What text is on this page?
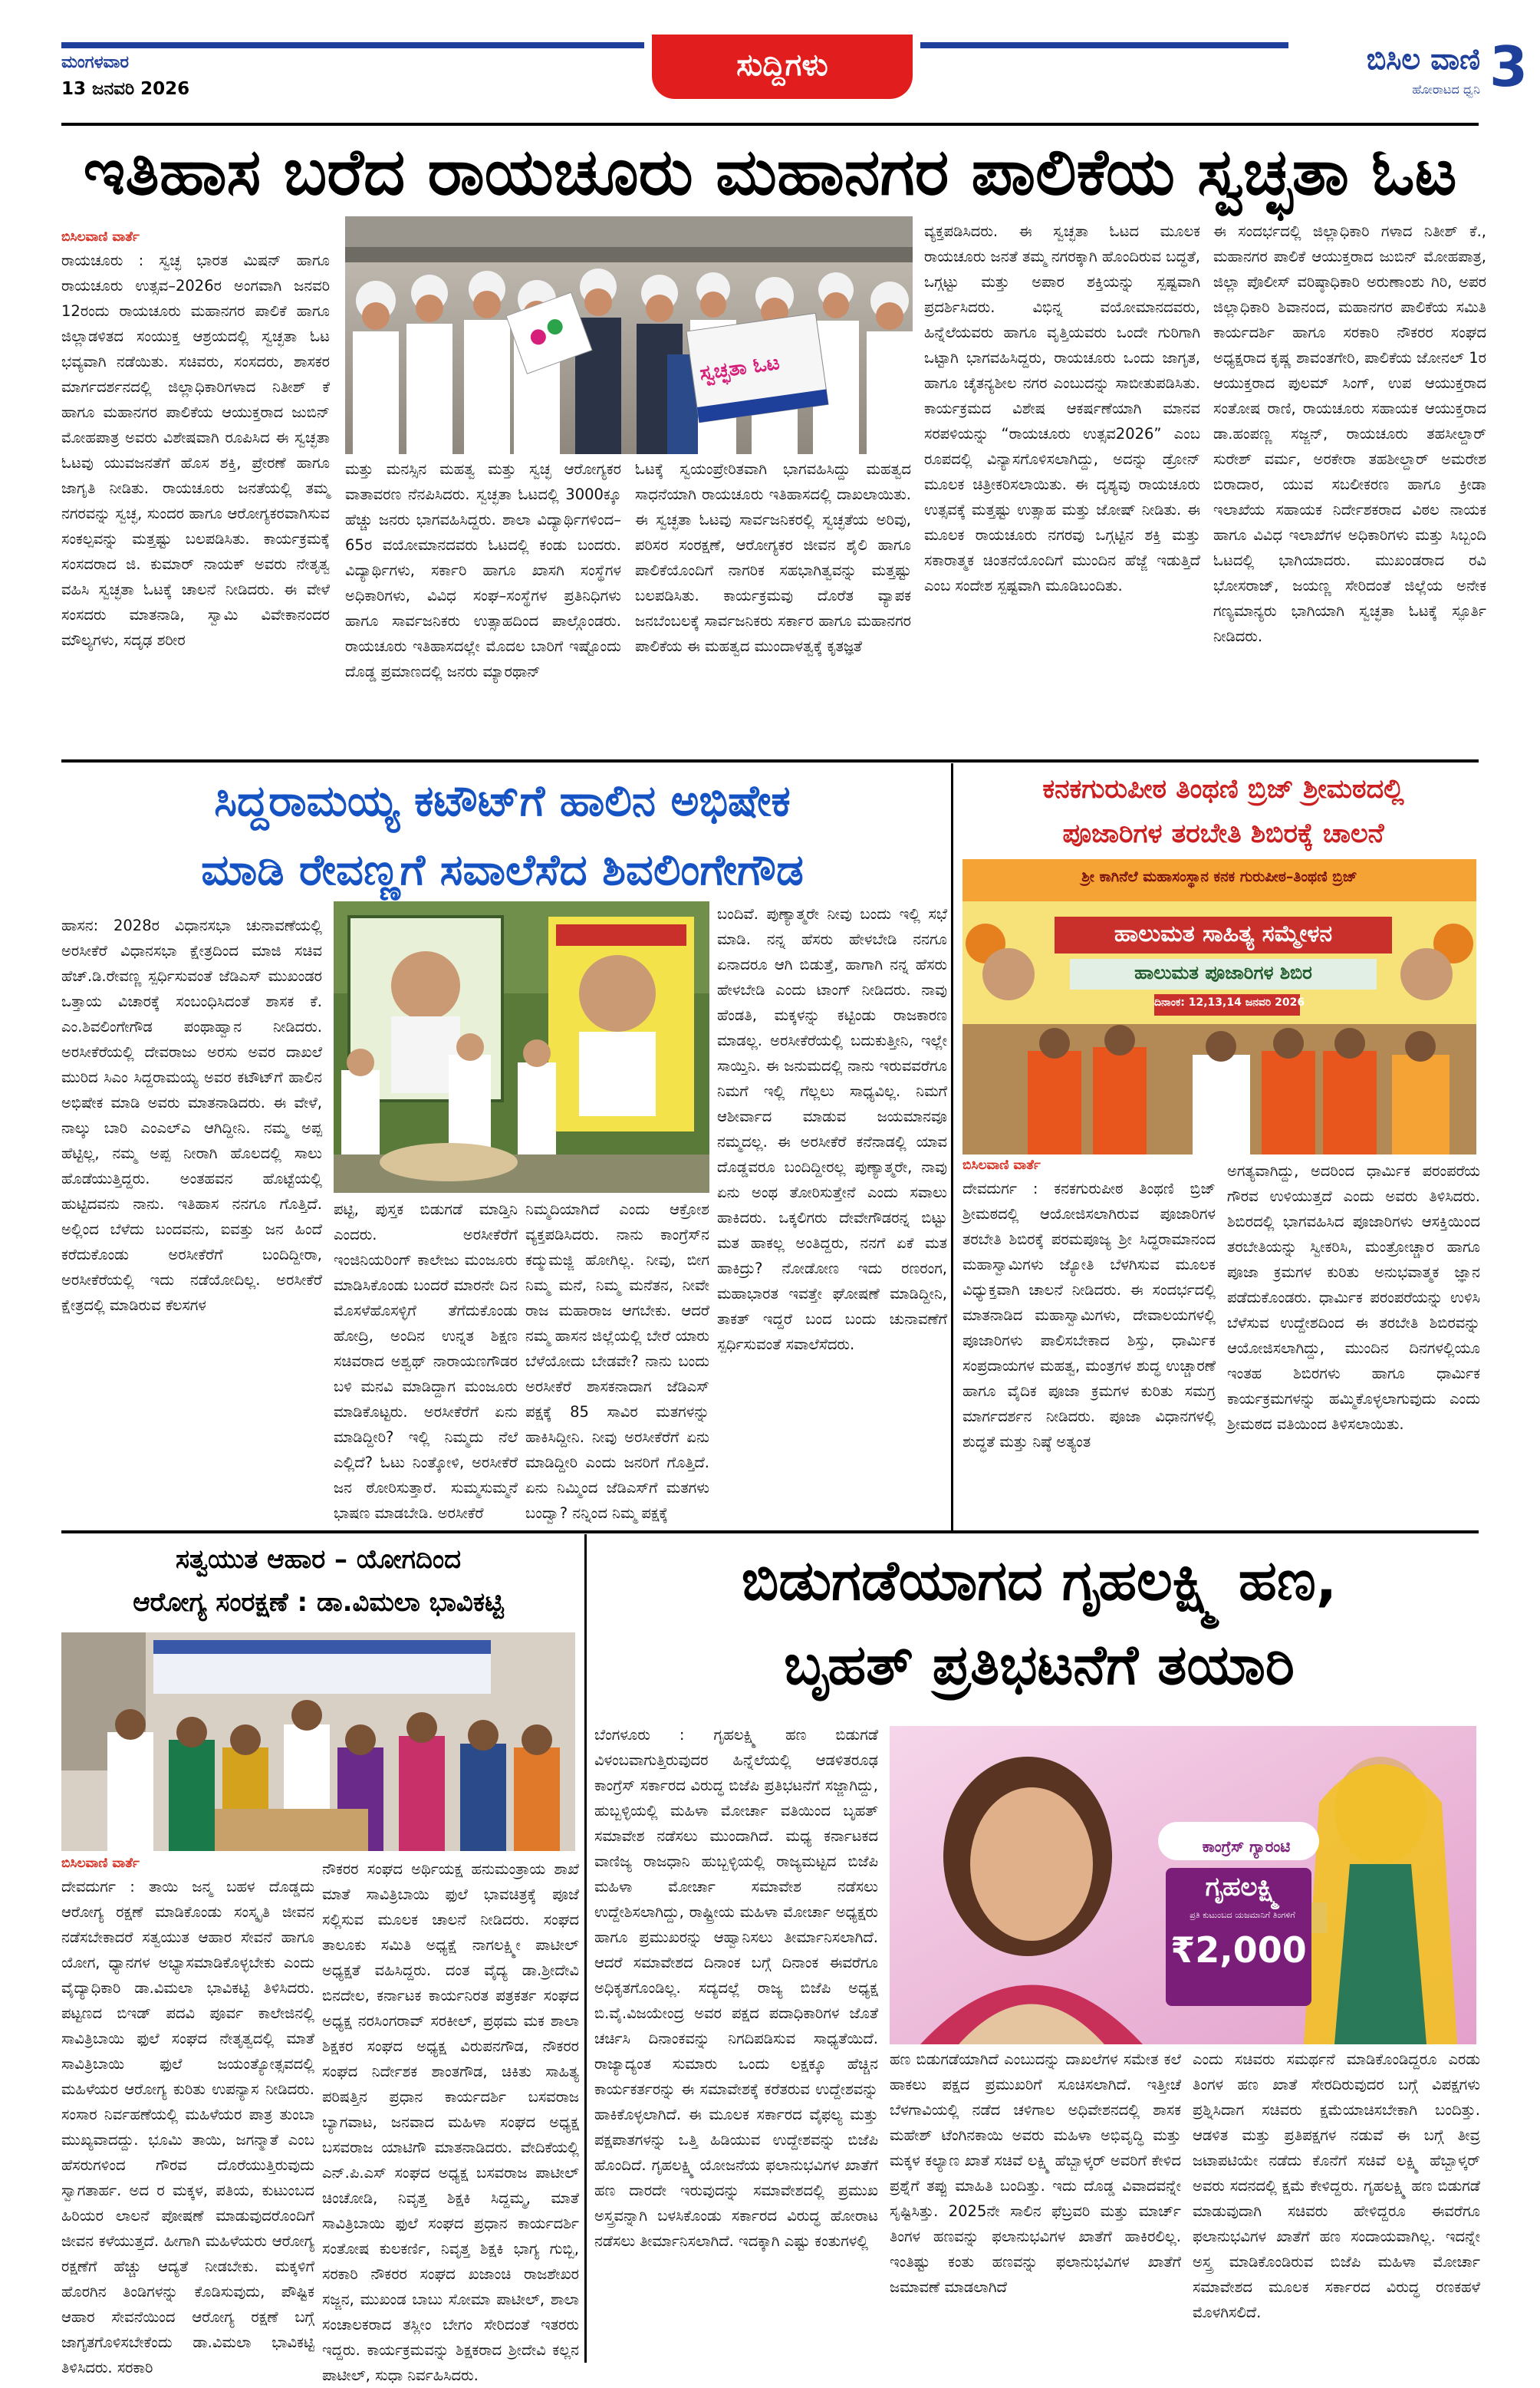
ಮಂಗಳವಾರ
13 ಜನವರಿ 2026
ಸುದ್ದಿಗಳು	ಬಿಸಿಲ ವಾಣಿ
ಹೋರಾಟದ ಧ್ವನಿ 3
ಇತಿಹಾಸ ಬರೆದ ರಾಯಚೂರು ಮಹಾನಗರ ಪಾಲಿಕೆಯ ಸ್ವಚ್ಛತಾ ಓಟ
ಬಿಸಿಲವಾಣಿ ವಾರ್ತೆ

ರಾಯಚೂರು : ಸ್ವಚ್ಛ ಭಾರತ ಮಿಷನ್ ಹಾಗೂ ರಾಯಚೂರು ಉತ್ಸವ–2026ರ ಅಂಗವಾಗಿ ಜನವರಿ 12ರಂದು ರಾಯಚೂರು ಮಹಾನಗರ ಪಾಲಿಕೆ ಹಾಗೂ ಜಿಲ್ಲಾಡಳಿತದ ಸಂಯುಕ್ತ ಆಶ್ರಯದಲ್ಲಿ ಸ್ವಚ್ಛತಾ ಓಟ ಭವ್ಯವಾಗಿ ನಡೆಯಿತು. ಸಚಿವರು, ಸಂಸದರು, ಶಾಸಕರ ಮಾರ್ಗದರ್ಶನದಲ್ಲಿ ಜಿಲ್ಲಾಧಿಕಾರಿಗಳಾದ ನಿತೀಶ್ ಕೆ ಹಾಗೂ ಮಹಾನಗರ ಪಾಲಿಕೆಯ ಆಯುಕ್ತರಾದ ಜುಬಿನ್ ಮೋಹಪಾತ್ರ ಅವರು ವಿಶೇಷವಾಗಿ ರೂಪಿಸಿದ ಈ ಸ್ವಚ್ಛತಾ ಓಟವು ಯುವಜನತೆಗೆ ಹೊಸ ಶಕ್ತಿ, ಪ್ರೇರಣೆ ಹಾಗೂ ಜಾಗೃತಿ ನೀಡಿತು. ರಾಯಚೂರು ಜನತೆಯಲ್ಲಿ ತಮ್ಮ ನಗರವನ್ನು ಸ್ವಚ್ಛ, ಸುಂದರ ಹಾಗೂ ಆರೋಗ್ಯಕರವಾಗಿಸುವ ಸಂಕಲ್ಪವನ್ನು ಮತ್ತಷ್ಟು ಬಲಪಡಿಸಿತು. ಕಾರ್ಯಕ್ರಮಕ್ಕೆ ಸಂಸದರಾದ ಜಿ. ಕುಮಾರ್ ನಾಯಕ್ ಅವರು ನೇತೃತ್ವ ವಹಿಸಿ ಸ್ವಚ್ಛತಾ ಓಟಕ್ಕೆ ಚಾಲನೆ ನೀಡಿದರು. ಈ ವೇಳೆ ಸಂಸದರು ಮಾತನಾಡಿ, ಸ್ವಾಮಿ ವಿವೇಕಾನಂದರ ಮೌಲ್ಯಗಳು, ಸದೃಢ ಶರೀರ

ಸ್ವಚ್ಛತಾ ಓಟ

ಮತ್ತು ಮನಸ್ಸಿನ ಮಹತ್ವ ಮತ್ತು ಸ್ವಚ್ಛ ಆರೋಗ್ಯಕರ ವಾತಾವರಣ ನೆನಪಿಸಿದರು. ಸ್ವಚ್ಛತಾ ಓಟದಲ್ಲಿ 3000ಕ್ಕೂ ಹೆಚ್ಚು ಜನರು ಭಾಗವಹಿಸಿದ್ದರು. ಶಾಲಾ ವಿದ್ಯಾರ್ಥಿಗಳಿಂದ– 65ರ ವಯೋಮಾನದವರು ಓಟದಲ್ಲಿ ಕಂಡು ಬಂದರು. ವಿದ್ಯಾರ್ಥಿಗಳು, ಸರ್ಕಾರಿ ಹಾಗೂ ಖಾಸಗಿ ಸಂಸ್ಥೆಗಳ ಅಧಿಕಾರಿಗಳು, ವಿವಿಧ ಸಂಘ–ಸಂಸ್ಥೆಗಳ ಪ್ರತಿನಿಧಿಗಳು ಹಾಗೂ ಸಾರ್ವಜನಿಕರು ಉತ್ಸಾಹದಿಂದ ಪಾಲ್ಗೊಂಡರು. ರಾಯಚೂರು ಇತಿಹಾಸದಲ್ಲೇ ಮೊದಲ ಬಾರಿಗೆ ಇಷ್ಟೊಂದು ದೊಡ್ಡ ಪ್ರಮಾಣದಲ್ಲಿ ಜನರು ಮ್ಯಾರಥಾನ್

ಓಟಕ್ಕೆ ಸ್ವಯಂಪ್ರೇರಿತವಾಗಿ ಭಾಗವಹಿಸಿದ್ದು ಮಹತ್ವದ ಸಾಧನೆಯಾಗಿ ರಾಯಚೂರು ಇತಿಹಾಸದಲ್ಲಿ ದಾಖಲಾಯಿತು. ಈ ಸ್ವಚ್ಛತಾ ಓಟವು ಸಾರ್ವಜನಿಕರಲ್ಲಿ ಸ್ವಚ್ಛತೆಯ ಅರಿವು, ಪರಿಸರ ಸಂರಕ್ಷಣೆ, ಆರೋಗ್ಯಕರ ಜೀವನ ಶೈಲಿ ಹಾಗೂ ಪಾಲಿಕೆಯೊಂದಿಗೆ ನಾಗರಿಕ ಸಹಭಾಗಿತ್ವವನ್ನು ಮತ್ತಷ್ಟು ಬಲಪಡಿಸಿತು. ಕಾರ್ಯಕ್ರಮವು ದೊರೆತ ವ್ಯಾಪಕ ಜನಬೆಂಬಲಕ್ಕೆ ಸಾರ್ವಜನಿಕರು ಸರ್ಕಾರ ಹಾಗೂ ಮಹಾನಗರ ಪಾಲಿಕೆಯ ಈ ಮಹತ್ವದ ಮುಂದಾಳತ್ವಕ್ಕೆ ಕೃತಜ್ಞತೆ

ವ್ಯಕ್ತಪಡಿಸಿದರು. ಈ ಸ್ವಚ್ಛತಾ ಓಟದ ಮೂಲಕ ರಾಯಚೂರು ಜನತೆ ತಮ್ಮ ನಗರಕ್ಕಾಗಿ ಹೊಂದಿರುವ ಬದ್ಧತೆ, ಒಗ್ಗಟ್ಟು ಮತ್ತು ಅಪಾರ ಶಕ್ತಿಯನ್ನು ಸ್ಪಷ್ಟವಾಗಿ ಪ್ರದರ್ಶಿಸಿದರು. ವಿಭಿನ್ನ ವಯೋಮಾನದವರು, ಹಿನ್ನೆಲೆಯವರು ಹಾಗೂ ವೃತ್ತಿಯವರು ಒಂದೇ ಗುರಿಗಾಗಿ ಒಟ್ಟಾಗಿ ಭಾಗವಹಿಸಿದ್ದರು, ರಾಯಚೂರು ಒಂದು ಜಾಗೃತ, ಹಾಗೂ ಚೈತನ್ಯಶೀಲ ನಗರ ಎಂಬುದನ್ನು ಸಾಬೀತುಪಡಿಸಿತು. ಕಾರ್ಯಕ್ರಮದ ವಿಶೇಷ ಆಕರ್ಷಣೆಯಾಗಿ ಮಾನವ ಸರಪಳಿಯನ್ನು “ರಾಯಚೂರು ಉತ್ಸವ2026” ಎಂಬ ರೂಪದಲ್ಲಿ ವಿನ್ಯಾಸಗೊಳಿಸಲಾಗಿದ್ದು, ಅದನ್ನು ಡ್ರೋನ್ ಮೂಲಕ ಚಿತ್ರೀಕರಿಸಲಾಯಿತು. ಈ ದೃಶ್ಯವು ರಾಯಚೂರು ಉತ್ಸವಕ್ಕೆ ಮತ್ತಷ್ಟು ಉತ್ಸಾಹ ಮತ್ತು ಜೋಷ್ ನೀಡಿತು. ಈ ಮೂಲಕ ರಾಯಚೂರು ನಗರವು ಒಗ್ಗಟ್ಟಿನ ಶಕ್ತಿ ಮತ್ತು ಸಕಾರಾತ್ಮಕ ಚಿಂತನೆಯೊಂದಿಗೆ ಮುಂದಿನ ಹೆಜ್ಜೆ ಇಡುತ್ತಿದೆ ಎಂಬ ಸಂದೇಶ ಸ್ಪಷ್ಟವಾಗಿ ಮೂಡಿಬಂದಿತು.

ಈ ಸಂದರ್ಭದಲ್ಲಿ ಜಿಲ್ಲಾಧಿಕಾರಿ ಗಳಾದ ನಿತೀಶ್ ಕೆ., ಮಹಾನಗರ ಪಾಲಿಕೆ ಆಯುಕ್ತರಾದ ಜುಬಿನ್ ಮೋಹಪಾತ್ರ, ಜಿಲ್ಲಾ ಪೊಲೀಸ್ ವರಿಷ್ಠಾಧಿಕಾರಿ ಅರುಣಾಂಶು ಗಿರಿ, ಅಪರ ಜಿಲ್ಲಾಧಿಕಾರಿ ಶಿವಾನಂದ, ಮಹಾನಗರ ಪಾಲಿಕೆಯ ಸಮಿತಿ ಕಾರ್ಯದರ್ಶಿ ಹಾಗೂ ಸರಕಾರಿ ನೌಕರರ ಸಂಘದ ಅಧ್ಯಕ್ಷರಾದ ಕೃಷ್ಣ ಶಾವಂತಗೇರಿ, ಪಾಲಿಕೆಯ ಜೋನಲ್ 1ರ ಆಯುಕ್ತರಾದ ಪುಲಮ್ ಸಿಂಗ್, ಉಪ ಆಯುಕ್ತರಾದ ಸಂತೋಷ ರಾಣಿ, ರಾಯಚೂರು ಸಹಾಯಕ ಆಯುಕ್ತರಾದ ಡಾ.ಹಂಪಣ್ಣ ಸಜ್ಜನ್, ರಾಯಚೂರು ತಹಸೀಲ್ದಾರ್ ಸುರೇಶ್ ವರ್ಮ, ಅರಕೇರಾ ತಹಶೀಲ್ದಾರ್ ಅಮರೇಶ ಬಿರಾದಾರ, ಯುವ ಸಬಲೀಕರಣ ಹಾಗೂ ಕ್ರೀಡಾ ಇಲಾಖೆಯ ಸಹಾಯಕ ನಿರ್ದೇಶಕರಾದ ವಿಠಲ ನಾಯಕ ಹಾಗೂ ವಿವಿಧ ಇಲಾಖೆಗಳ ಅಧಿಕಾರಿಗಳು ಮತ್ತು ಸಿಬ್ಬಂದಿ ಓಟದಲ್ಲಿ ಭಾಗಿಯಾದರು. ಮುಖಂಡರಾದ ರವಿ ಭೋಸರಾಜ್, ಜಯಣ್ಣ ಸೇರಿದಂತೆ ಜಿಲ್ಲೆಯ ಅನೇಕ ಗಣ್ಯಮಾನ್ಯರು ಭಾಗಿಯಾಗಿ ಸ್ವಚ್ಛತಾ ಓಟಕ್ಕೆ ಸ್ಫೂರ್ತಿ ನೀಡಿದರು.

ಸಿದ್ದರಾಮಯ್ಯ ಕಟೌಟ್‌ಗೆ ಹಾಲಿನ ಅಭಿಷೇಕ
ಮಾಡಿ ರೇವಣ್ಣಗೆ ಸವಾಲೆಸೆದ ಶಿವಲಿಂಗೇಗೌಡ

ಹಾಸನ: 2028ರ ವಿಧಾನಸಭಾ ಚುನಾವಣೆಯಲ್ಲಿ ಅರಸೀಕೆರೆ ವಿಧಾನಸಭಾ ಕ್ಷೇತ್ರದಿಂದ ಮಾಜಿ ಸಚಿವ ಹೆಚ್.ಡಿ.ರೇವಣ್ಣ ಸ್ಪರ್ಧಿಸುವಂತೆ ಜೆಡಿಎಸ್ ಮುಖಂಡರ ಒತ್ತಾಯ ವಿಚಾರಕ್ಕೆ ಸಂಬಂಧಿಸಿದಂತೆ ಶಾಸಕ ಕೆ. ಎಂ.ಶಿವಲಿಂಗೇಗೌಡ ಪಂಥಾಹ್ವಾನ ನೀಡಿದರು. ಅರಸೀಕೆರೆಯಲ್ಲಿ ದೇವರಾಜು ಅರಸು ಅವರ ದಾಖಲೆ ಮುರಿದ ಸಿಎಂ ಸಿದ್ದರಾಮಯ್ಯ ಅವರ ಕಟೌಟ್‌ಗೆ ಹಾಲಿನ ಅಭಿಷೇಕ ಮಾಡಿ ಅವರು ಮಾತನಾಡಿದರು. ಈ ವೇಳೆ, ನಾಲ್ಕು ಬಾರಿ ಎಂಎಲ್‌ಎ ಆಗಿದ್ದೀನಿ. ನಮ್ಮ ಅಪ್ಪ ಹೆಟ್ಟಿಲ್ಲ, ನಮ್ಮ ಅಪ್ಪ ನೀರಾಗಿ ಹೊಲದಲ್ಲಿ ಸಾಲು ಹೊಡೆಯುತ್ತಿದ್ದರು. ಅಂತಹವನ ಹೊಟ್ಟೆಯಲ್ಲಿ ಹುಟ್ಟಿದವನು ನಾನು. ಇತಿಹಾಸ ನನಗೂ ಗೊತ್ತಿದೆ. ಅಲ್ಲಿಂದ ಬೆಳೆದು ಬಂದವನು, ಐವತ್ತು ಜನ ಹಿಂದೆ ಕರೆದುಕೊಂಡು ಅರಸೀಕೆರೆಗೆ ಬಂದಿದ್ದೀರಾ, ಅರಸೀಕೆರೆಯಲ್ಲಿ ಇದು ನಡೆಯೋದಿಲ್ಲ. ಅರಸೀಕೆರೆ ಕ್ಷೇತ್ರದಲ್ಲಿ ಮಾಡಿರುವ ಕೆಲಸಗಳ

ಪಟ್ಟಿ, ಪುಸ್ತಕ ಬಿಡುಗಡೆ ಮಾಡ್ತಿನಿ ಎಂದರು. ಅರಸೀಕೆರೆಗೆ ಇಂಜಿನಿಯರಿಂಗ್ ಕಾಲೇಜು ಮಂಜೂರು ಮಾಡಿಸಿಕೊಂಡು ಬಂದರೆ ಮಾರನೇ ದಿನ ಮೊಸಳೆಹೊಸಳ್ಳಿಗೆ ತೆಗೆದುಕೊಂಡು ಹೋದ್ರಿ, ಅಂದಿನ ಉನ್ನತ ಶಿಕ್ಷಣ ಸಚಿವರಾದ ಅಶ್ವಥ್ ನಾರಾಯಣಗೌಡರ ಬಳಿ ಮನವಿ ಮಾಡಿದ್ದಾಗ ಮಂಜೂರು ಮಾಡಿಕೊಟ್ಟರು. ಅರಸೀಕೆರೆಗೆ ಏನು ಮಾಡಿದ್ದೀರಿ? ಇಲ್ಲಿ ನಿಮ್ಮದು ನೆಲೆ ಎಲ್ಲಿದೆ? ಓಟು ನಿಂತ್ಕೋಳಿ, ಅರಸೀಕೆರೆ ಜನ ಠೋರಿಸುತ್ತಾರೆ. ಸುಮ್ಮಸುಮ್ಮನೆ ಭಾಷಣ ಮಾಡಬೇಡಿ. ಅರಸೀಕೆರೆ

ನಿಮ್ಮದಿಯಾಗಿದೆ ಎಂದು ಆಕ್ರೋಶ ವ್ಯಕ್ತಪಡಿಸಿದರು. ನಾನು ಕಾಂಗ್ರೆಸ್‌ನ ಕದ್ಮುಮಜ್ಜಿ ಹೋಗಿಲ್ಲ. ನೀವು, ಬೀಗ ನಿಮ್ಮ ಮನೆ, ನಿಮ್ಮ ಮನೆತನ, ನೀವೇ ರಾಜ ಮಹಾರಾಜ ಆಗಬೇಕು. ಆದರೆ ನಮ್ಮ ಹಾಸನ ಜಿಲ್ಲೆಯಲ್ಲಿ ಬೇರೆ ಯಾರು ಬೆಳೆಯೋದು ಬೇಡವೇ? ನಾನು ಬಂದು ಅರಸೀಕೆರೆ ಶಾಸಕನಾದಾಗ ಜೆಡಿಎಸ್ ಪಕ್ಷಕ್ಕೆ 85 ಸಾವಿರ ಮತಗಳನ್ನು ಹಾಕಿಸಿದ್ದೀನಿ. ನೀವು ಅರಸೀಕೆರೆಗೆ ಏನು ಮಾಡಿದ್ದೀರಿ ಎಂದು ಜನರಿಗೆ ಗೊತ್ತಿದೆ. ಏನು ನಿಮ್ಮಿಂದ ಜೆಡಿಎಸ್‌ಗೆ ಮತಗಳು ಬಂದ್ವಾ? ನನ್ನಿಂದ ನಿಮ್ಮ ಪಕ್ಷಕ್ಕೆ

ಬಂದಿವೆ. ಪುಣ್ಯಾತ್ಮರೇ ನೀವು ಬಂದು ಇಲ್ಲಿ ಸಭೆ ಮಾಡಿ. ನನ್ನ ಹೆಸರು ಹೇಳಬೇಡಿ ನನಗೂ ಏನಾದರೂ ಆಗಿ ಬಿಡುತ್ತೆ, ಹಾಗಾಗಿ ನನ್ನ ಹೆಸರು ಹೇಳಬೇಡಿ ಎಂದು ಟಾಂಗ್ ನೀಡಿದರು. ನಾವು ಹೆಂಡತಿ, ಮಕ್ಕಳನ್ನು ಕಟ್ಟಿಂಡು ರಾಜಕಾರಣ ಮಾಡಲ್ಲ. ಅರಸೀಕೆರೆಯಲ್ಲಿ ಬದುಕುತ್ತೀನಿ, ಇಲ್ಲೇ ಸಾಯ್ತಿನಿ. ಈ ಜನುಮದಲ್ಲಿ ನಾನು ಇರುವವರೆಗೂ ನಿಮಗೆ ಇಲ್ಲಿ ಗೆಲ್ಲಲು ಸಾಧ್ಯವಿಲ್ಲ. ನಿಮಗೆ ಆಶೀರ್ವಾದ ಮಾಡುವ ಜಯಮಾನವೂ ನಮ್ಮದಲ್ಲ. ಈ ಅರಸೀಕೆರೆ ಕನೆನಾಡಲ್ಲಿ ಯಾವ ದೊಡ್ಡವರೂ ಬಂದಿದ್ದೀರಲ್ಲ ಪುಣ್ಯಾತ್ಮರೇ, ನಾವು ಏನು ಅಂಥ ತೋರಿಸುತ್ತೇನೆ ಎಂದು ಸವಾಲು ಹಾಕಿದರು. ಒಕ್ಕಲಿಗರು ದೇವೇಗೌಡರನ್ನ ಬಿಟ್ಟು ಮತ ಹಾಕಲ್ಲ ಅಂತಿದ್ದರು, ನನಗೆ ಏಕೆ ಮತ ಹಾಕಿದ್ರು? ನೋಡೋಣ ಇದು ರಣರಂಗ, ಮಹಾಭಾರತ ಇವತ್ತೇ ಘೋಷಣೆ ಮಾಡಿದ್ದೀನಿ, ತಾಕತ್ ಇದ್ದರೆ ಬಂದ ಬಂದು ಚುನಾವಣೆಗೆ ಸ್ಪರ್ಧಿಸುವಂತೆ ಸವಾಲೆಸೆದರು.

ಕನಕಗುರುಪೀಠ ತಿಂಥಣಿ ಬ್ರಿಜ್ ಶ್ರೀಮಠದಲ್ಲಿ
ಪೂಜಾರಿಗಳ ತರಬೇತಿ ಶಿಬಿರಕ್ಕೆ ಚಾಲನೆ
ಶ್ರೀ ಕಾಗಿನೆಲೆ ಮಹಾಸಂಸ್ಥಾನ ಕನಕ ಗುರುಪೀಠ–ತಿಂಥಣಿ ಬ್ರಿಜ್
ಹಾಲುಮತ ಸಾಹಿತ್ಯ ಸಮ್ಮೇಳನ
ಹಾಲುಮತ ಪೂಜಾರಿಗಳ ಶಿಬಿರ
ದಿನಾಂಕ: 12,13,14 ಜನವರಿ 2026
ಬಿಸಿಲವಾಣಿ ವಾರ್ತೆ

ದೇವದುರ್ಗ : ಕನಕಗುರುಪೀಠ ತಿಂಥಣಿ ಬ್ರಿಜ್ ಶ್ರೀಮಠದಲ್ಲಿ ಆಯೋಜಿಸಲಾಗಿರುವ ಪೂಜಾರಿಗಳ ತರಬೇತಿ ಶಿಬಿರಕ್ಕೆ ಪರಮಪೂಜ್ಯ ಶ್ರೀ ಸಿದ್ಧರಾಮಾನಂದ ಮಹಾಸ್ವಾಮಿಗಳು ಜ್ಯೋತಿ ಬೆಳಗಿಸುವ ಮೂಲಕ ವಿಧ್ಯುಕ್ತವಾಗಿ ಚಾಲನೆ ನೀಡಿದರು. ಈ ಸಂದರ್ಭದಲ್ಲಿ ಮಾತನಾಡಿದ ಮಹಾಸ್ವಾಮಿಗಳು, ದೇವಾಲಯಗಳಲ್ಲಿ ಪೂಜಾರಿಗಳು ಪಾಲಿಸಬೇಕಾದ ಶಿಸ್ತು, ಧಾರ್ಮಿಕ ಸಂಪ್ರದಾಯಗಳ ಮಹತ್ವ, ಮಂತ್ರಗಳ ಶುದ್ಧ ಉಚ್ಚಾರಣೆ ಹಾಗೂ ವೈದಿಕ ಪೂಜಾ ಕ್ರಮಗಳ ಕುರಿತು ಸಮಗ್ರ ಮಾರ್ಗದರ್ಶನ ನೀಡಿದರು. ಪೂಜಾ ವಿಧಾನಗಳಲ್ಲಿ ಶುದ್ಧತೆ ಮತ್ತು ನಿಷ್ಠೆ ಅತ್ಯಂತ

ಅಗತ್ಯವಾಗಿದ್ದು, ಅದರಿಂದ ಧಾರ್ಮಿಕ ಪರಂಪರೆಯ ಗೌರವ ಉಳಿಯುತ್ತದೆ ಎಂದು ಅವರು ತಿಳಿಸಿದರು. ಶಿಬಿರದಲ್ಲಿ ಭಾಗವಹಿಸಿದ ಪೂಜಾರಿಗಳು ಆಸಕ್ತಿಯಿಂದ ತರಬೇತಿಯನ್ನು ಸ್ವೀಕರಿಸಿ, ಮಂತ್ರೋಚ್ಚಾರ ಹಾಗೂ ಪೂಜಾ ಕ್ರಮಗಳ ಕುರಿತು ಅನುಭವಾತ್ಮಕ ಜ್ಞಾನ ಪಡೆದುಕೊಂಡರು. ಧಾರ್ಮಿಕ ಪರಂಪರೆಯನ್ನು ಉಳಿಸಿ ಬೆಳೆಸುವ ಉದ್ದೇಶದಿಂದ ಈ ತರಬೇತಿ ಶಿಬಿರವನ್ನು ಆಯೋಜಿಸಲಾಗಿದ್ದು, ಮುಂದಿನ ದಿನಗಳಲ್ಲಿಯೂ ಇಂತಹ ಶಿಬಿರಗಳು ಹಾಗೂ ಧಾರ್ಮಿಕ ಕಾರ್ಯಕ್ರಮಗಳನ್ನು ಹಮ್ಮಿಕೊಳ್ಳಲಾಗುವುದು ಎಂದು ಶ್ರೀಮಠದ ವತಿಯಿಂದ ತಿಳಿಸಲಾಯಿತು.

ಸತ್ವಯುತ ಆಹಾರ – ಯೋಗದಿಂದ
ಆರೋಗ್ಯ ಸಂರಕ್ಷಣೆ : ಡಾ.ವಿಮಲಾ ಭಾವಿಕಟ್ಟಿ
ಬಿಸಿಲವಾಣಿ ವಾರ್ತೆ

ದೇವದುರ್ಗ : ತಾಯಿ ಜನ್ಮ ಬಹಳ ದೊಡ್ಡದು ಆರೋಗ್ಯ ರಕ್ಷಣೆ ಮಾಡಿಕೊಂಡು ಸಂಸ್ಕೃತಿ ಜೀವನ ನಡೆಸಬೇಕಾದರೆ ಸತ್ವಯುತ ಆಹಾರ ಸೇವನೆ ಹಾಗೂ ಯೋಗ, ಧ್ಯಾನಗಳ ಅಭ್ಯಾಸಮಾಡಿಕೊಳ್ಳಬೇಕು ಎಂದು ವೈದ್ಯಾಧಿಕಾರಿ ಡಾ.ವಿಮಲಾ ಭಾವಿಕಟ್ಟಿ ತಿಳಿಸಿದರು. ಪಟ್ಟಣದ ಬಿಇಡ್ ಪದವಿ ಪೂರ್ವ ಕಾಲೇಜಿನಲ್ಲಿ ಸಾವಿತ್ರಿಬಾಯಿ ಫುಲೆ ಸಂಘದ ನೇತೃತ್ವದಲ್ಲಿ ಮಾತೆ ಸಾವಿತ್ರಿಬಾಯಿ ಫುಲೆ ಜಯಂತ್ಯೋತ್ಸವದಲ್ಲಿ ಮಹಿಳೆಯರ ಆರೋಗ್ಯ ಕುರಿತು ಉಪನ್ಯಾಸ ನೀಡಿದರು. ಸಂಸಾರ ನಿರ್ವಹಣೆಯಲ್ಲಿ ಮಹಿಳೆಯರ ಪಾತ್ರ ತುಂಬಾ ಮುಖ್ಯವಾದದ್ದು. ಭೂಮಿ ತಾಯಿ, ಜಗನ್ಮಾತೆ ಎಂಬ ಹೆಸರುಗಳಿಂದ ಗೌರವ ದೊರೆಯುತ್ತಿರುವುದು ಸ್ವಾಗತಾರ್ಹ. ಅದ ರ ಮಕ್ಕಳ, ಪತಿಯ, ಕುಟುಂಬದ ಹಿರಿಯರ ಲಾಲನೆ ಪೋಷಣೆ ಮಾಡುವುದರೊಂದಿಗೆ ಜೀವನ ಕಳೆಯುತ್ತದೆ. ಹೀಗಾಗಿ ಮಹಿಳೆಯರು ಆರೋಗ್ಯ ರಕ್ಷಣೆಗೆ ಹೆಚ್ಚು ಆದ್ಯತೆ ನೀಡಬೇಕು. ಮಕ್ಕಳಿಗೆ ಹೊರಗಿನ ತಿಂಡಿಗಳನ್ನು ಕೊಡಿಸುವುದು, ಪೌಷ್ಟಿಕ ಆಹಾರ ಸೇವನೆಯಿಂದ ಆರೋಗ್ಯ ರಕ್ಷಣೆ ಬಗ್ಗೆ ಜಾಗೃತಗೊಳಿಸಬೇಕೆಂದು ಡಾ.ವಿಮಲಾ ಭಾವಿಕಟ್ಟಿ ತಿಳಿಸಿದರು. ಸರಕಾರಿ

ನೌಕರರ ಸಂಘದ ಅರ್ಥಿಯಕ್ಷ ಹನುಮಂತ್ರಾಯ ಶಾಖೆ ಮಾತೆ ಸಾವಿತ್ರಿಬಾಯಿ ಫುಲೆ ಭಾವಚಿತ್ರಕ್ಕೆ ಪೂಜೆ ಸಲ್ಲಿಸುವ ಮೂಲಕ ಚಾಲನೆ ನೀಡಿದರು. ಸಂಘದ ತಾಲೂಕು ಸಮಿತಿ ಅಧ್ಯಕ್ಷೆ ನಾಗಲಕ್ಷ್ಮೀ ಪಾಟೀಲ್ ಅಧ್ಯಕ್ಷತೆ ವಹಿಸಿದ್ದರು. ದಂತ ವೈದ್ಯ ಡಾ.ಶ್ರೀದೇವಿ ಬಿನದೇಲ, ಕರ್ನಾಟಕ ಕಾರ್ಯನಿರತ ಪತ್ರಕರ್ತ ಸಂಘದ ಅಧ್ಯಕ್ಷ ನರಸಿಂಗರಾವ್ ಸರಕೀಲ್, ಪ್ರಥಮ ಮಕ ಶಾಲಾ ಶಿಕ್ಷಕರ ಸಂಘದ ಅಧ್ಯಕ್ಷ ವಿರುಪನಗೌಡ, ನೌಕರರ ಸಂಘದ ನಿರ್ದೇಶಕ ಶಾಂತಗೌಡ, ಚಿಕಿತು ಸಾಹಿತ್ಯ ಪರಿಷತ್ತಿನ ಪ್ರಧಾನ ಕಾರ್ಯದರ್ಶಿ ಬಸವರಾಜ ಬ್ಯಾಗವಾಟ, ಜನವಾದ ಮಹಿಳಾ ಸಂಘದ ಅಧ್ಯಕ್ಷ ಬಸವರಾಜ ಯಾಟಿಗೌ ಮಾತನಾಡಿದರು. ವೇದಿಕೆಯಲ್ಲಿ ಎನ್.ಪಿ.ಎಸ್ ಸಂಘದ ಅಧ್ಯಕ್ಷ ಬಸವರಾಜ ಪಾಟೀಲ್ ಚಿಂಚೋಡಿ, ನಿವೃತ್ತ ಶಿಕ್ಷಕಿ ಸಿದ್ದಮ್ಮ, ಮಾತೆ ಸಾವಿತ್ರಿಬಾಯಿ ಫುಲೆ ಸಂಘದ ಪ್ರಧಾನ ಕಾರ್ಯದರ್ಶಿ ಸಂತೋಷ ಕುಲಕರ್ಣಿ, ನಿವೃತ್ತ ಶಿಕ್ಷಕಿ ಭಾಗ್ಯ ಗುಬ್ಬಿ, ಸರಕಾರಿ ನೌಕರರ ಸಂಘದ ಖಜಾಂಚಿ ರಾಜಶೇಖರ ಸಜ್ಜನ, ಮುಖಂಡ ಬಾಬು ಸೋಮಾ ಪಾಟೀಲ್, ಶಾಲಾ ಸಂಚಾಲಕರಾದ ತಸ್ಲೀಂ ಬೇಗಂ ಸೇರಿದಂತೆ ಇತರರು ಇದ್ದರು. ಕಾರ್ಯಕ್ರಮವನ್ನು ಶಿಕ್ಷಕರಾದ ಶ್ರೀದೇವಿ ಕಲ್ಲನ ಪಾಟೀಲ್, ಸುಧಾ ನಿರ್ವಹಿಸಿದರು.

ಬಿಡುಗಡೆಯಾಗದ ಗೃಹಲಕ್ಷ್ಮಿ ಹಣ,
ಬೃಹತ್ ಪ್ರತಿಭಟನೆಗೆ ತಯಾರಿ

ಬೆಂಗಳೂರು : ಗೃಹಲಕ್ಷ್ಮಿ ಹಣ ಬಿಡುಗಡೆ ವಿಳಂಬವಾಗುತ್ತಿರುವುದರ ಹಿನ್ನೆಲೆಯಲ್ಲಿ ಆಡಳಿತರೂಢ ಕಾಂಗ್ರೆಸ್ ಸರ್ಕಾರದ ವಿರುದ್ಧ ಬಿಜೆಪಿ ಪ್ರತಿಭಟನೆಗೆ ಸಜ್ಜಾಗಿದ್ದು, ಹುಬ್ಬಳ್ಳಿಯಲ್ಲಿ ಮಹಿಳಾ ಮೋರ್ಚಾ ವತಿಯಿಂದ ಬೃಹತ್ ಸಮಾವೇಶ ನಡೆಸಲು ಮುಂದಾಗಿದೆ. ಮಧ್ಯ ಕರ್ನಾಟಕದ ವಾಣಿಜ್ಯ ರಾಜಧಾನಿ ಹುಬ್ಬಳ್ಳಿಯಲ್ಲಿ ರಾಜ್ಯಮಟ್ಟದ ಬಿಜೆಪಿ ಮಹಿಳಾ ಮೋರ್ಚಾ ಸಮಾವೇಶ ನಡೆಸಲು ಉದ್ದೇಶಿಸಲಾಗಿದ್ದು, ರಾಷ್ಟ್ರೀಯ ಮಹಿಳಾ ಮೋರ್ಚಾ ಅಧ್ಯಕ್ಷರು ಹಾಗೂ ಪ್ರಮುಖರನ್ನು ಆಹ್ವಾನಿಸಲು ತೀರ್ಮಾನಿಸಲಾಗಿದೆ. ಆದರೆ ಸಮಾವೇಶದ ದಿನಾಂಕ ಬಗ್ಗೆ ದಿನಾಂಕ ಈವರೆಗೂ ಅಧಿಕೃತಗೊಂಡಿಲ್ಲ. ಸದ್ಯದಲ್ಲೆ ರಾಜ್ಯ ಬಿಜೆಪಿ ಅಧ್ಯಕ್ಷ ಬಿ.ವೈ.ವಿಜಯೇಂದ್ರ ಅವರ ಪಕ್ಷದ ಪದಾಧಿಕಾರಿಗಳ ಜೊತೆ ಚರ್ಚಿಸಿ ದಿನಾಂಕವನ್ನು ನಿಗದಿಪಡಿಸುವ ಸಾಧ್ಯತೆಯಿದೆ. ರಾಜ್ಯಾದ್ಯಂತ ಸುಮಾರು ಒಂದು ಲಕ್ಷಕ್ಕೂ ಹೆಚ್ಚಿನ ಕಾರ್ಯಕರ್ತರನ್ನು ಈ ಸಮಾವೇಶಕ್ಕೆ ಕರೆತರುವ ಉದ್ದೇಶವನ್ನು ಹಾಕಿಕೊಳ್ಳಲಾಗಿದೆ. ಈ ಮೂಲಕ ಸರ್ಕಾರದ ವೈಫಲ್ಯ ಮತ್ತು ಪಕ್ಷಪಾತಗಳನ್ನು ಒತ್ತಿ ಹಿಡಿಯುವ ಉದ್ದೇಶವನ್ನು ಬಿಜೆಪಿ ಹೊಂದಿದೆ. ಗೃಹಲಕ್ಷ್ಮಿ ಯೋಜನೆಯ ಫಲಾನುಭವಿಗಳ ಖಾತೆಗೆ ಹಣ ದಾರದೇ ಇರುವುದನ್ನು ಸಮಾವೇಶದಲ್ಲಿ ಪ್ರಮುಖ ಅಸ್ತ್ರವನ್ನಾಗಿ ಬಳಸಿಕೊಂಡು ಸರ್ಕಾರದ ವಿರುದ್ಧ ಹೋರಾಟ ನಡೆಸಲು ತೀರ್ಮಾನಿಸಲಾಗಿದೆ. ಇದಕ್ಕಾಗಿ ಎಷ್ಟು ಕಂತುಗಳಲ್ಲಿ

ಕಾಂಗ್ರೆಸ್ ಗ್ಯಾರಂಟಿ
ಗೃಹಲಕ್ಷ್ಮಿ
ಪ್ರತಿ ಕುಟುಂಬದ ಯಜಮಾನಿಗೆ ತಿಂಗಳಿಗೆ
₹2,000

ಹಣ ಬಿಡುಗಡೆಯಾಗಿದೆ ಎಂಬುದನ್ನು ದಾಖಲೆಗಳ ಸಮೇತ ಕಲೆ ಹಾಕಲು ಪಕ್ಷದ ಪ್ರಮುಖರಿಗೆ ಸೂಚಿಸಲಾಗಿದೆ. ಇತ್ತೀಚೆ ಬೆಳಗಾವಿಯಲ್ಲಿ ನಡೆದ ಚಳಿಗಾಲ ಅಧಿವೇಶನದಲ್ಲಿ ಶಾಸಕ ಮಹೇಶ್ ಟೆಂಗಿನಕಾಯಿ ಅವರು ಮಹಿಳಾ ಅಭಿವೃದ್ಧಿ ಮತ್ತು ಮಕ್ಕಳ ಕಲ್ಯಾಣ ಖಾತೆ ಸಚಿವೆ ಲಕ್ಷ್ಮಿ ಹೆಬ್ಬಾಳ್ಕರ್ ಅವರಿಗೆ ಕೇಳಿದ ಪ್ರಶ್ನೆಗೆ ತಪ್ಪು ಮಾಹಿತಿ ಬಂದಿತ್ತು. ಇದು ದೊಡ್ಡ ವಿವಾದವನ್ನೇ ಸೃಷ್ಟಿಸಿತ್ತು. 2025ನೇ ಸಾಲಿನ ಫೆಬ್ರವರಿ ಮತ್ತು ಮಾರ್ಚ್ ತಿಂಗಳ ಹಣವನ್ನು ಫಲಾನುಭವಿಗಳ ಖಾತೆಗೆ ಹಾಕಿರಲಿಲ್ಲ. ಇಂತಿಷ್ಟು ಕಂತು ಹಣವನ್ನು ಫಲಾನುಭವಿಗಳ ಖಾತೆಗೆ ಜಮಾವಣೆ ಮಾಡಲಾಗಿದೆ

ಎಂದು ಸಚಿವರು ಸಮರ್ಥನೆ ಮಾಡಿಕೊಂಡಿದ್ದರೂ ಎರಡು ತಿಂಗಳ ಹಣ ಖಾತೆ ಸೇರದಿರುವುದರ ಬಗ್ಗೆ ವಿಪಕ್ಷಗಳು ಪ್ರಶ್ನಿಸಿದಾಗ ಸಚಿವರು ಕ್ಷಮೆಯಾಚಿಸಬೇಕಾಗಿ ಬಂದಿತ್ತು. ಆಡಳಿತ ಮತ್ತು ಪ್ರತಿಪಕ್ಷಗಳ ನಡುವೆ ಈ ಬಗ್ಗೆ ತೀವ್ರ ಜಟಾಪಟಿಯೇ ನಡೆದು ಕೊನೆಗೆ ಸಚಿವೆ ಲಕ್ಷ್ಮಿ ಹೆಬ್ಬಾಳ್ಕರ್ ಅವರು ಸದನದಲ್ಲಿ ಕ್ಷಮೆ ಕೇಳಿದ್ದರು. ಗೃಹಲಕ್ಷ್ಮಿ ಹಣ ಬಿಡುಗಡೆ ಮಾಡುವುದಾಗಿ ಸಚಿವರು ಹೇಳಿದ್ದರೂ ಈವರೆಗೂ ಫಲಾನುಭವಿಗಳ ಖಾತೆಗೆ ಹಣ ಸಂದಾಯವಾಗಿಲ್ಲ. ಇದನ್ನೇ ಅಸ್ತ್ರ ಮಾಡಿಕೊಂಡಿರುವ ಬಿಜೆಪಿ ಮಹಿಳಾ ಮೋರ್ಚಾ ಸಮಾವೇಶದ ಮೂಲಕ ಸರ್ಕಾರದ ವಿರುದ್ಧ ರಣಕಹಳೆ ಮೊಳಗಿಸಲಿದೆ.
